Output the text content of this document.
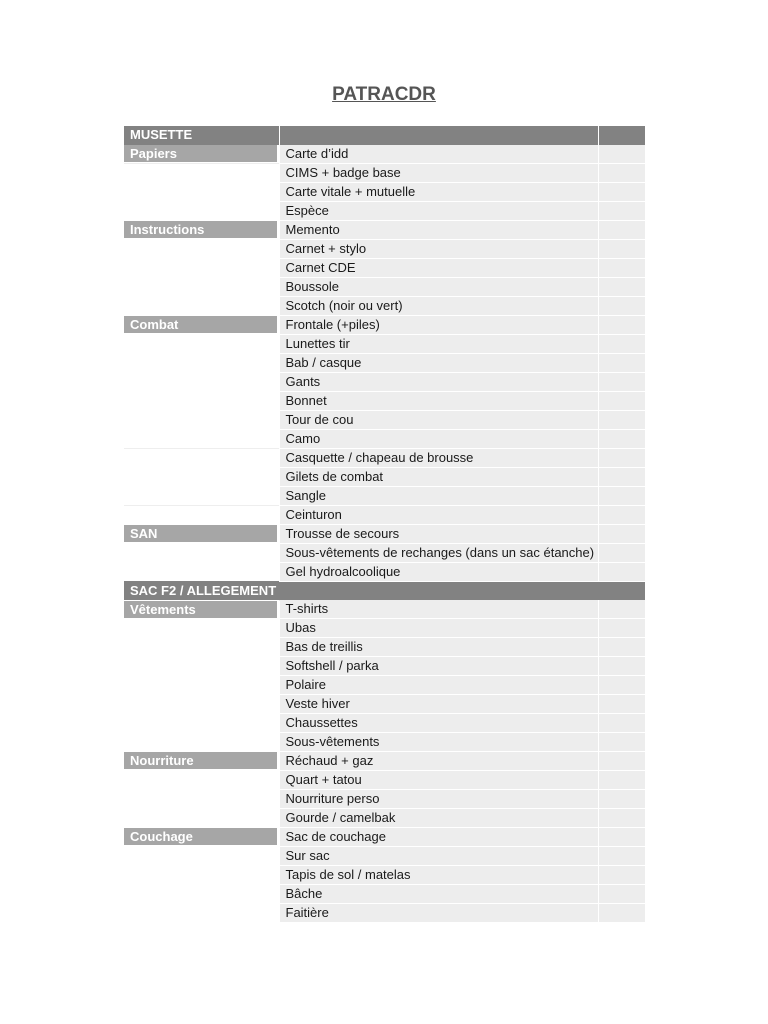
PATRACDR
MUSETTE		

Papiers	Carte d’idd	
	CIMS + badge base	
	Carte vitale + mutuelle	
	Espèce	

Instructions	Memento	
	Carnet + stylo	
	Carnet CDE	
	Boussole	
	Scotch (noir ou vert)	

Combat	Frontale (+piles)	
	Lunettes tir	
	Bab / casque	
	Gants	
	Bonnet	
	Tour de cou	
	Camo	
	Casquette / chapeau de brousse	
	Gilets de combat	
	Sangle	
	Ceinturon	

SAN	Trousse de secours	
	Sous-vêtements de rechanges (dans un sac étanche)	
	Gel hydroalcoolique	
SAC F2 / ALLEGEMENT		

Vêtements	T-shirts	
	Ubas	
	Bas de treillis	
	Softshell / parka	
	Polaire	
	Veste hiver	
	Chaussettes	
	Sous-vêtements	

Nourriture	Réchaud + gaz	
	Quart + tatou	
	Nourriture perso	
	Gourde / camelbak	

Couchage	Sac de couchage	
	Sur sac	
	Tapis de sol / matelas	
	Bâche	
	Faitière	
